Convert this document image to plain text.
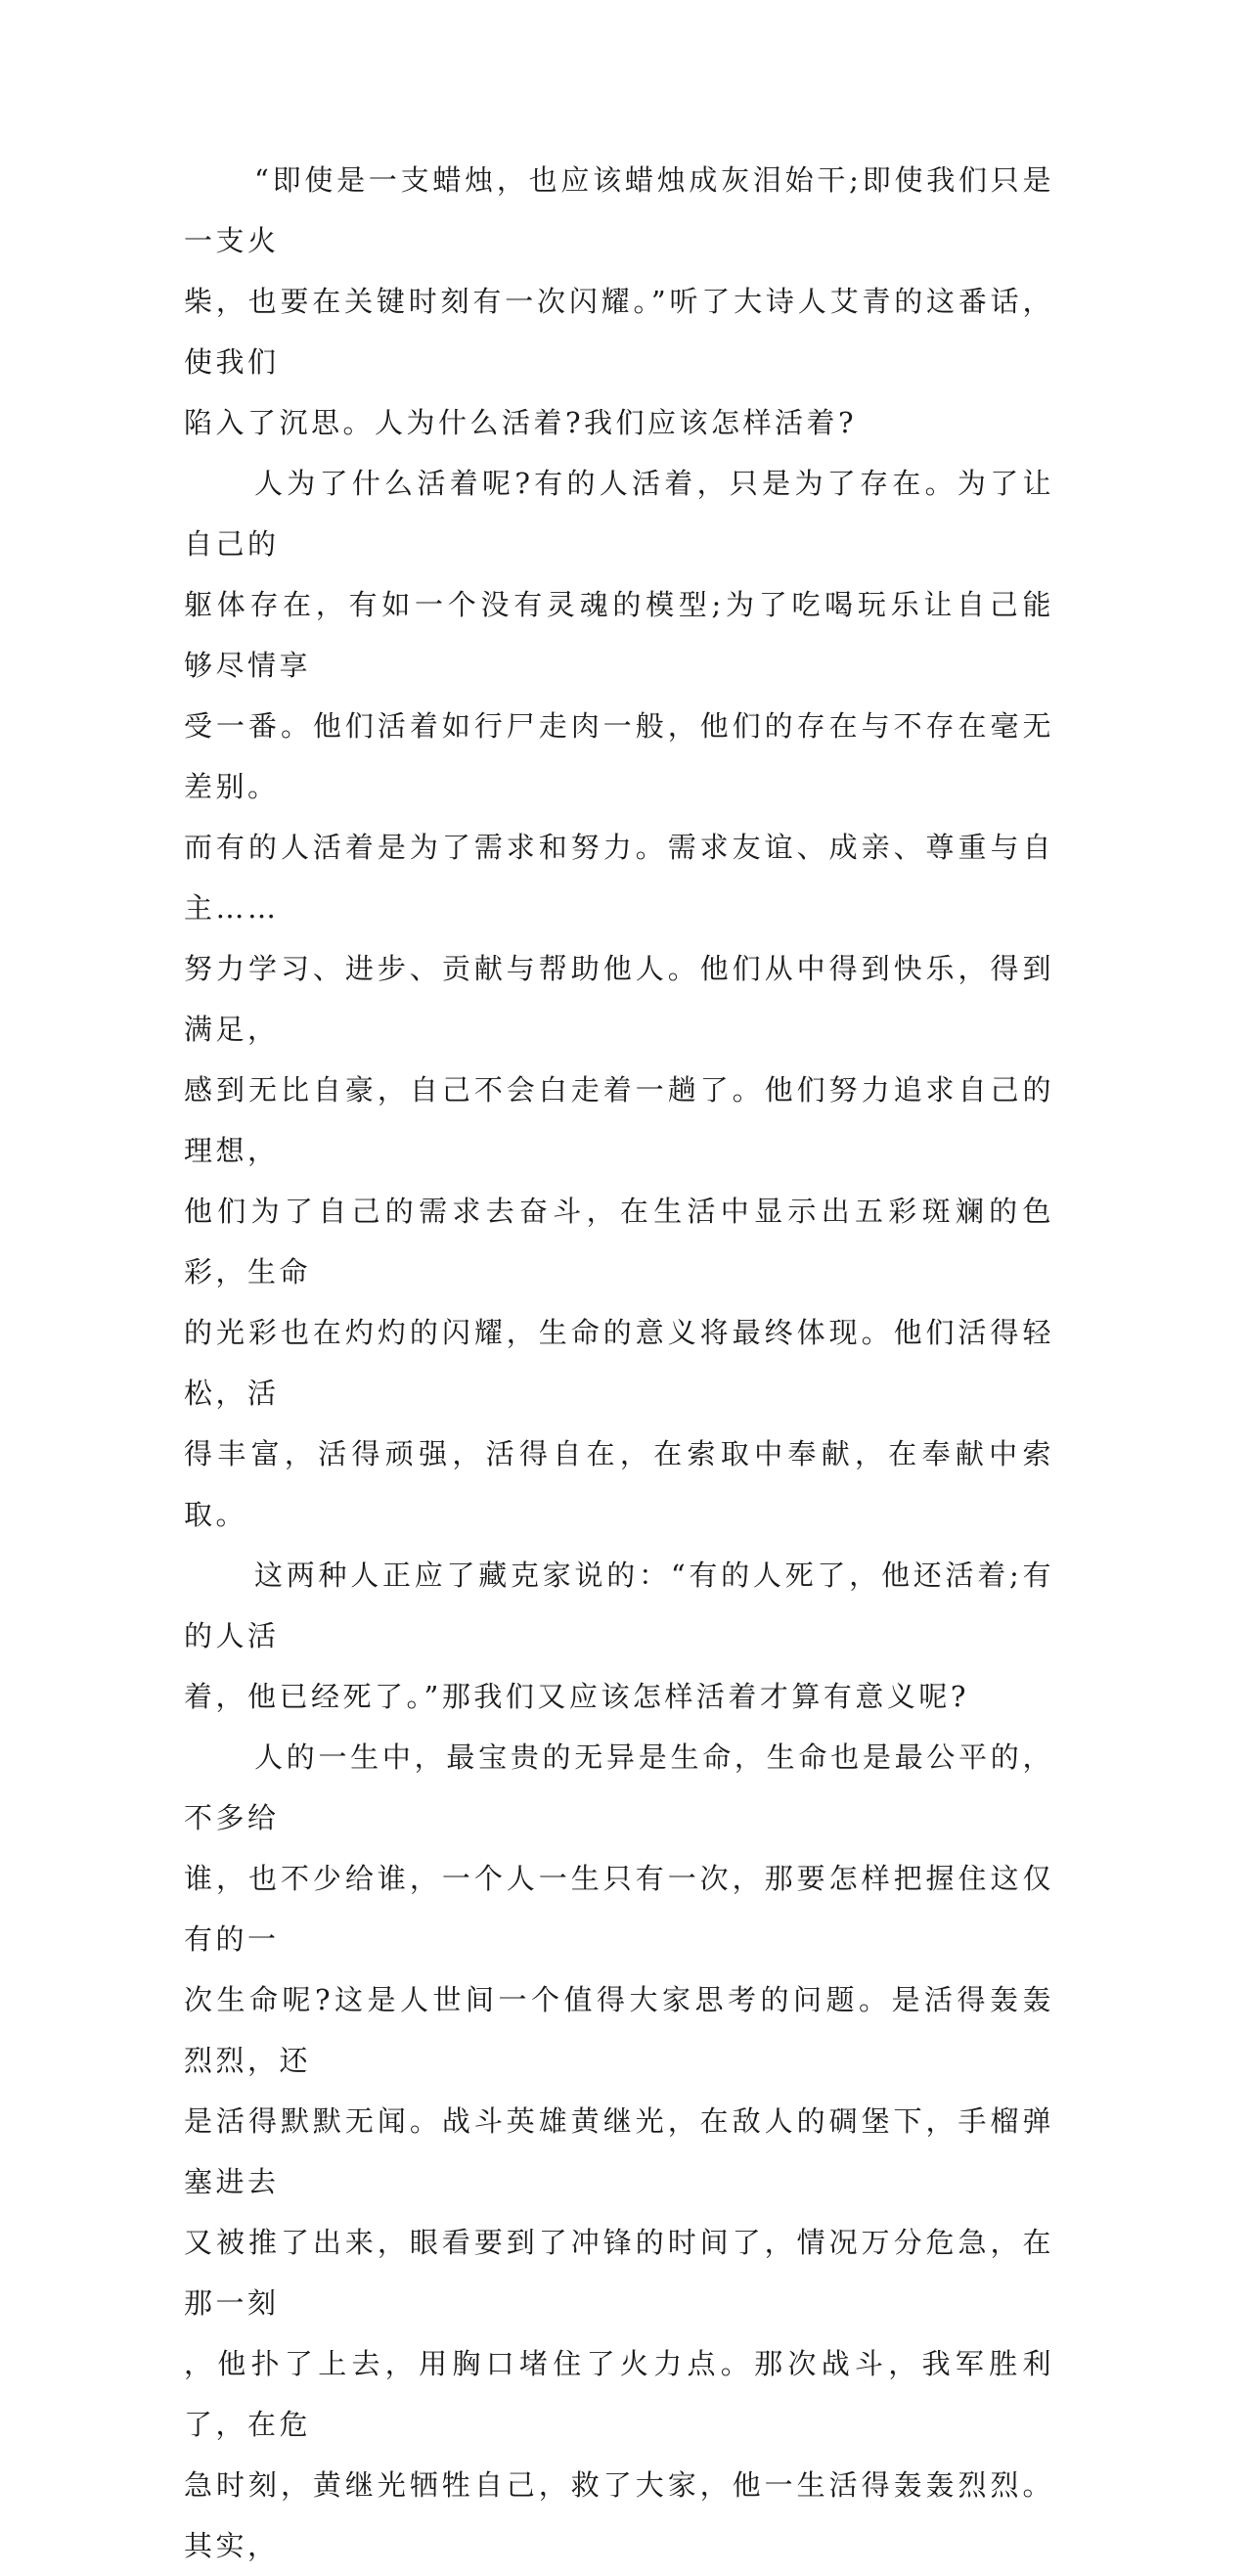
“即使是一支蜡烛，也应该蜡烛成灰泪始干;即使我们只是一支火
柴，也要在关键时刻有一次闪耀。”听了大诗人艾青的这番话，使我们
陷入了沉思。人为什么活着?我们应该怎样活着?

人为了什么活着呢?有的人活着，只是为了存在。为了让自己的
躯体存在，有如一个没有灵魂的模型;为了吃喝玩乐让自己能够尽情享
受一番。他们活着如行尸走肉一般，他们的存在与不存在毫无差别。
而有的人活着是为了需求和努力。需求友谊、成亲、尊重与自主……
努力学习、进步、贡献与帮助他人。他们从中得到快乐，得到满足，
感到无比自豪，自己不会白走着一趟了。他们努力追求自己的理想，
他们为了自己的需求去奋斗，在生活中显示出五彩斑斓的色彩，生命
的光彩也在灼灼的闪耀，生命的意义将最终体现。他们活得轻松，活
得丰富，活得顽强，活得自在，在索取中奉献，在奉献中索取。

这两种人正应了藏克家说的：“有的人死了，他还活着;有的人活
着，他已经死了。”那我们又应该怎样活着才算有意义呢?

人的一生中，最宝贵的无异是生命，生命也是最公平的，不多给
谁，也不少给谁，一个人一生只有一次，那要怎样把握住这仅有的一
次生命呢?这是人世间一个值得大家思考的问题。是活得轰轰烈烈，还
是活得默默无闻。战斗英雄黄继光，在敌人的碉堡下，手榴弹塞进去
又被推了出来，眼看要到了冲锋的时间了，情况万分危急，在那一刻
，他扑了上去，用胸口堵住了火力点。那次战斗，我军胜利了，在危
急时刻，黄继光牺牲自己，救了大家，他一生活得轰轰烈烈。其实，
